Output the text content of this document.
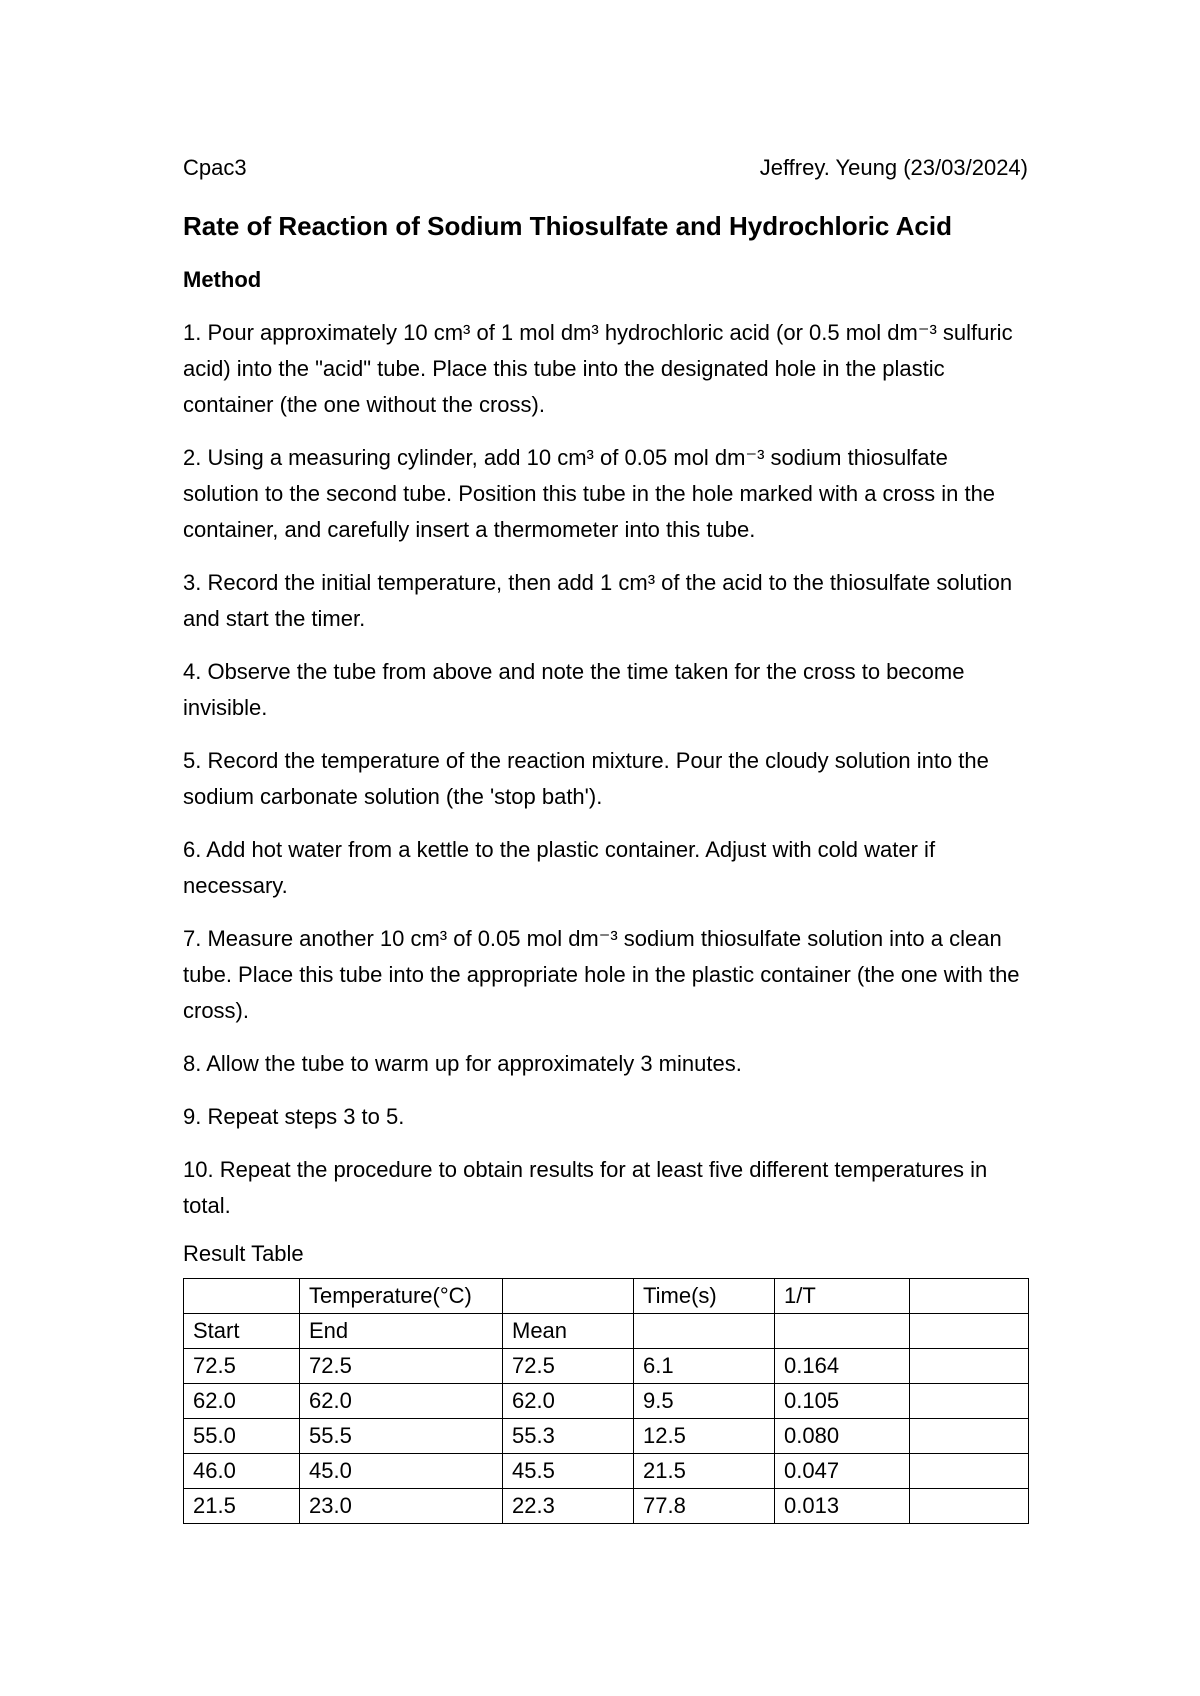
Cpac3	Jeffrey. Yeung (23/03/2024)
Rate of Reaction of Sodium Thiosulfate and Hydrochloric Acid
Method

1. Pour approximately 10 cm³ of 1 mol dm³ hydrochloric acid (or 0.5 mol dm⁻³ sulfuric acid) into the "acid" tube. Place this tube into the designated hole in the plastic container (the one without the cross).

2. Using a measuring cylinder, add 10 cm³ of 0.05 mol dm⁻³ sodium thiosulfate solution to the second tube. Position this tube in the hole marked with a cross in the container, and carefully insert a thermometer into this tube.

3. Record the initial temperature, then add 1 cm³ of the acid to the thiosulfate solution and start the timer.

4. Observe the tube from above and note the time taken for the cross to become invisible.

5. Record the temperature of the reaction mixture. Pour the cloudy solution into the sodium carbonate solution (the 'stop bath').

6. Add hot water from a kettle to the plastic container. Adjust with cold water if necessary.

7. Measure another 10 cm³ of 0.05 mol dm⁻³ sodium thiosulfate solution into a clean tube. Place this tube into the appropriate hole in the plastic container (the one with the cross).

8. Allow the tube to warm up for approximately 3 minutes.

9. Repeat steps 3 to 5.

10. Repeat the procedure to obtain results for at least five different temperatures in total.

Result Table
	Temperature(°C)		Time(s)	1/T	
Start	End	Mean			
72.5	72.5	72.5	6.1	0.164	
62.0	62.0	62.0	9.5	0.105	
55.0	55.5	55.3	12.5	0.080	
46.0	45.0	45.5	21.5	0.047	
21.5	23.0	22.3	77.8	0.013	
